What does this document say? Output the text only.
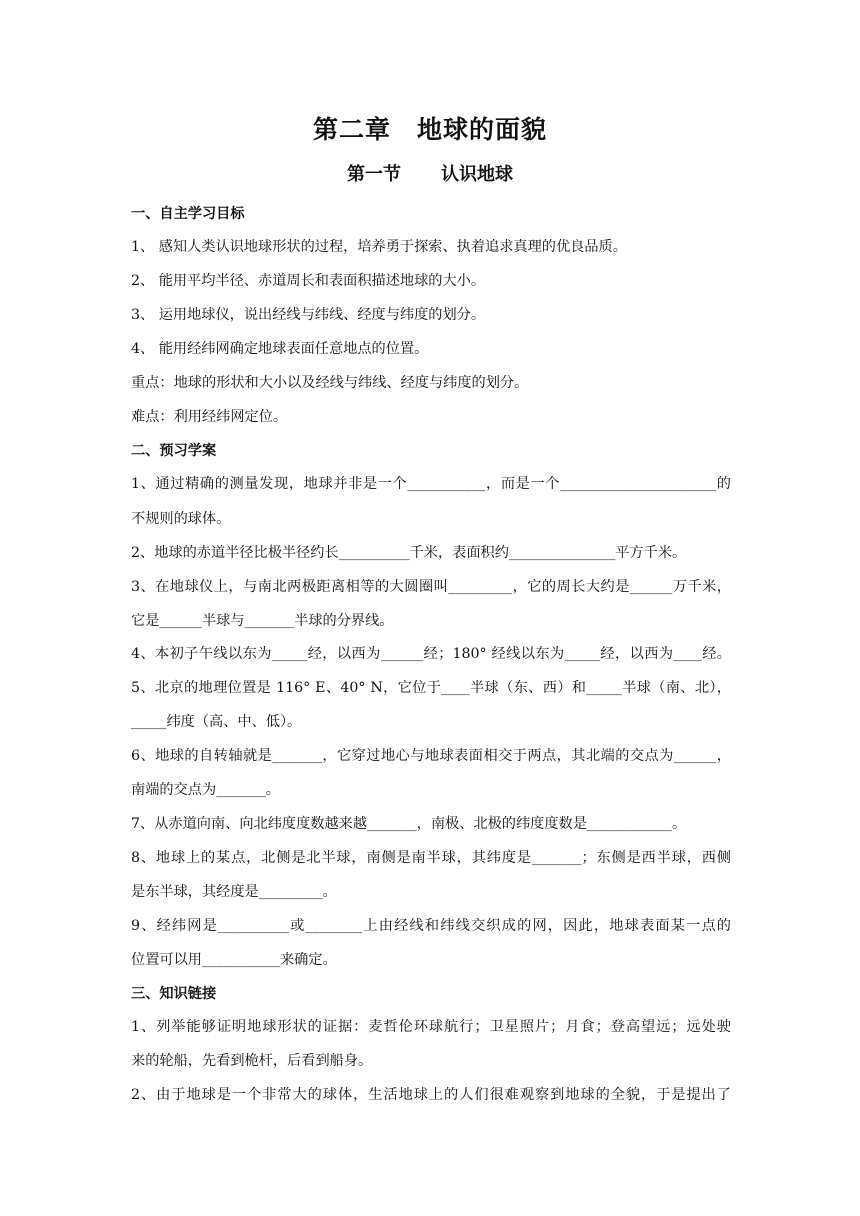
第二章　地球的面貌
第一节 认识地球
一、自主学习目标
1、 感知人类认识地球形状的过程，培养勇于探索、执着追求真理的优良品质。
2、 能用平均半径、赤道周长和表面积描述地球的大小。
3、 运用地球仪，说出经线与纬线、经度与纬度的划分。
4、 能用经纬网确定地球表面任意地点的位置。
重点：地球的形状和大小以及经线与纬线、经度与纬度的划分。
难点：利用经纬网定位。
二、预习学案
1、通过精确的测量发现，地球并非是一个___________，而是一个______________________的
不规则的球体。
2、地球的赤道半径比极半径约长__________千米，表面积约_______________平方千米。
3、在地球仪上，与南北两极距离相等的大圆圈叫_________，它的周长大约是______万千米，
它是______半球与_______半球的分界线。
4、本初子午线以东为_____经，以西为______经；180° 经线以东为_____经，以西为____经。
5、北京的地理位置是 116° E、40° N，它位于____半球（东、西）和_____半球（南、北），
_____纬度（高、中、低）。
6、地球的自转轴就是_______，它穿过地心与地球表面相交于两点，其北端的交点为______，
南端的交点为_______。
7、从赤道向南、向北纬度度数越来越_______，南极、北极的纬度度数是____________。
8、地球上的某点，北侧是北半球，南侧是南半球，其纬度是_______；东侧是西半球，西侧
是东半球，其经度是_________。
9、经纬网是__________或________上由经线和纬线交织成的网，因此，地球表面某一点的
位置可以用___________来确定。
三、知识链接
1、列举能够证明地球形状的证据：麦哲伦环球航行；卫星照片；月食；登高望远；远处驶
来的轮船，先看到桅杆，后看到船身。
2、由于地球是一个非常大的球体，生活地球上的人们很难观察到地球的全貌，于是提出了
